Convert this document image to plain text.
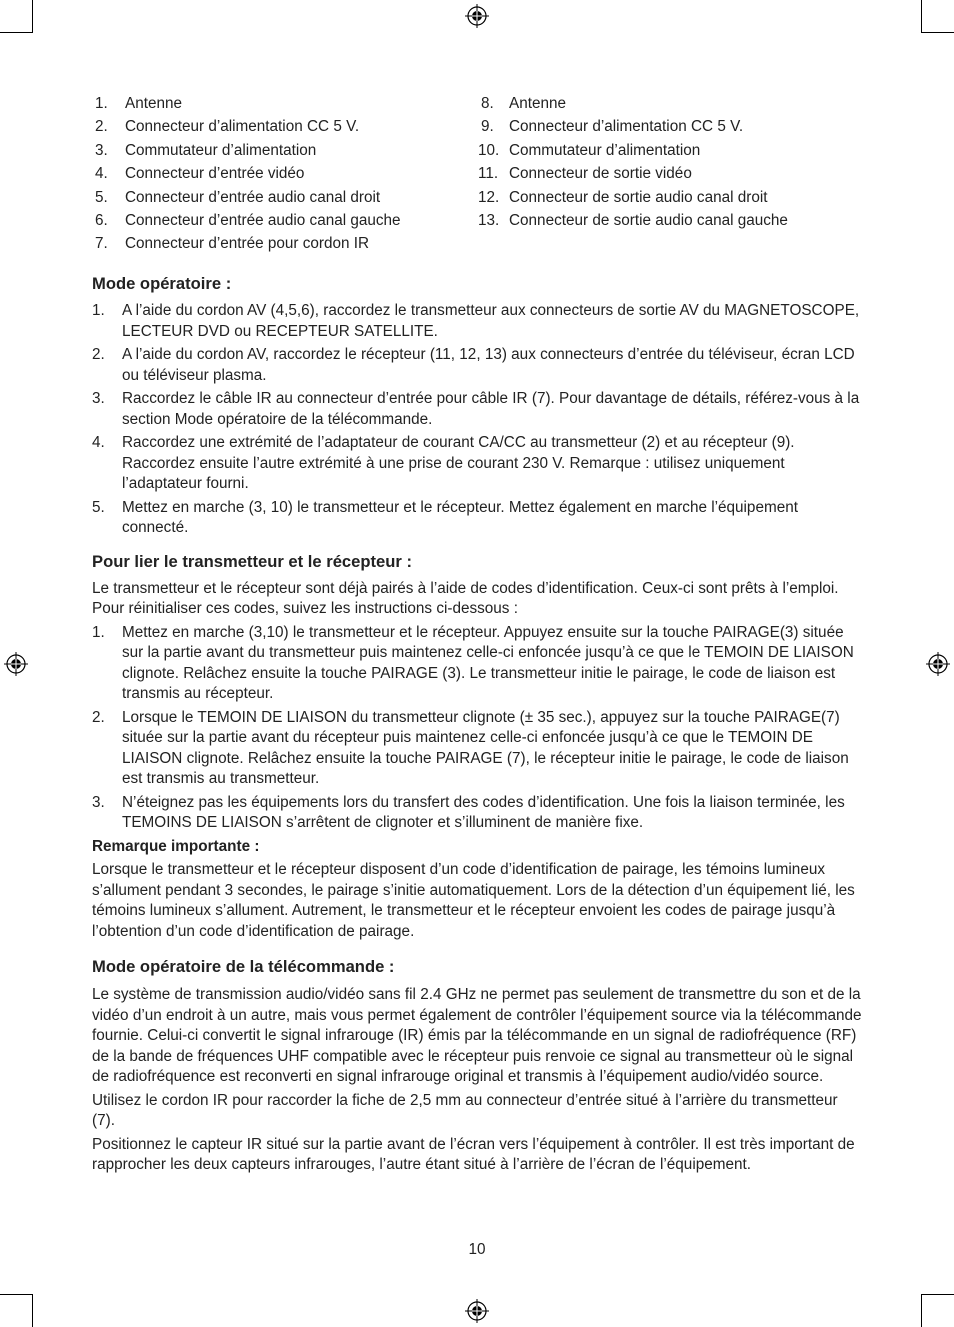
1. Antenne
2. Connecteur d’alimentation CC 5 V.
3. Commutateur d’alimentation
4. Connecteur d’entrée vidéo
5. Connecteur d’entrée audio canal droit
6. Connecteur d’entrée audio canal gauche
7. Connecteur d’entrée pour cordon IR
8. Antenne
9. Connecteur d’alimentation CC 5 V.
10. Commutateur d’alimentation
11. Connecteur de sortie vidéo
12. Connecteur de sortie audio canal droit
13. Connecteur de sortie audio canal gauche
Mode opératoire :
1. A l’aide du cordon AV (4,5,6), raccordez le transmetteur aux connecteurs de sortie AV du MAGNETOSCOPE, LECTEUR DVD ou RECEPTEUR SATELLITE.
2. A l’aide du cordon AV, raccordez le récepteur (11, 12, 13) aux connecteurs d’entrée du téléviseur, écran LCD ou téléviseur plasma.
3. Raccordez le câble IR au connecteur d’entrée pour câble IR (7). Pour davantage de détails, référez-vous à la section Mode opératoire de la télécommande.
4. Raccordez une extrémité de l’adaptateur de courant CA/CC au transmetteur (2) et au récepteur (9). Raccordez ensuite l’autre extrémité à une prise de courant 230 V. Remarque : utilisez uniquement l’adaptateur fourni.
5. Mettez en marche (3, 10) le transmetteur et le récepteur. Mettez également en marche l’équipement connecté.
Pour lier le transmetteur et le récepteur :

Le transmetteur et le récepteur sont déjà pairés à l’aide de codes d’identification. Ceux-ci sont prêts à l’emploi. Pour réinitialiser ces codes, suivez les instructions ci-dessous :

1. Mettez en marche (3,10) le transmetteur et le récepteur. Appuyez ensuite sur la touche PAIRAGE(3) située sur la partie avant du transmetteur puis maintenez celle-ci enfoncée jusqu’à ce que le TEMOIN DE LIAISON clignote. Relâchez ensuite la touche PAIRAGE (3). Le transmetteur initie le pairage, le code de liaison est transmis au récepteur.
2. Lorsque le TEMOIN DE LIAISON du transmetteur clignote (± 35 sec.), appuyez sur la touche PAIRAGE(7) située sur la partie avant du récepteur puis maintenez celle-ci enfoncée jusqu’à ce que le TEMOIN DE LIAISON clignote. Relâchez ensuite la touche PAIRAGE (7), le récepteur initie le pairage, le code de liaison est transmis au transmetteur.
3. N’éteignez pas les équipements lors du transfert des codes d’identification. Une fois la liaison terminée, les TEMOINS DE LIAISON s’arrêtent de clignoter et s’illuminent de manière fixe.

Remarque importante :

Lorsque le transmetteur et le récepteur disposent d’un code d’identification de pairage, les témoins lumineux s’allument pendant 3 secondes, le pairage s’initie automatiquement. Lors de la détection d’un équipement lié, les témoins lumineux s’allument. Autrement, le transmetteur et le récepteur envoient les codes de pairage jusqu’à l’obtention d’un code d’identification de pairage.

Mode opératoire de la télécommande :

Le système de transmission audio/vidéo sans fil 2.4 GHz ne permet pas seulement de transmettre du son et de la vidéo d’un endroit à un autre, mais vous permet également de contrôler l’équipement source via la télécommande fournie. Celui-ci convertit le signal infrarouge (IR) émis par la télécommande en un signal de radiofréquence (RF) de la bande de fréquences UHF compatible avec le récepteur puis renvoie ce signal au transmetteur où le signal de radiofréquence est reconverti en signal infrarouge original et transmis à l’équipement audio/vidéo source.

Utilisez le cordon IR pour raccorder la fiche de 2,5 mm au connecteur d’entrée situé à l’arrière du transmetteur (7).

Positionnez le capteur IR situé sur la partie avant de l’écran vers l’équipement à contrôler. Il est très important de rapprocher les deux capteurs infrarouges, l’autre étant situé à l’arrière de l’écran de l’équipement.

10
